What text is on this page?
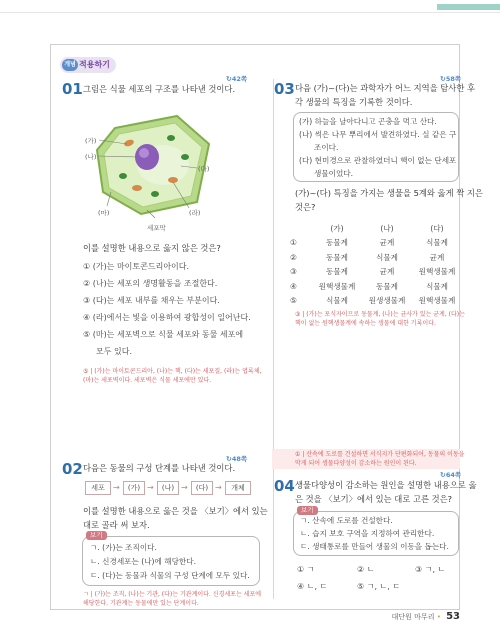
개념 적용하기
01
↻42쪽
그림은 식물 세포의 구조를 나타낸 것이다.
(가)
(나)
(다)
(라)
(마)
세포막
이를 설명한 내용으로 옳지 않은 것은?
① (가)는 마이토콘드리아이다.
② (나)는 세포의 생명활동을 조절한다.
③ (다)는 세포 내부를 채우는 부분이다.
④ (라)에서는 빛을 이용하여 광합성이 일어난다.
⑤ (마)는 세포벽으로 식물 세포와 동물 세포에
모두 있다.
⑤ | (가)는 마이토콘드리아, (나)는 핵, (다)는 세포질, (라)는 엽록체,
(마)는 세포벽이다. 세포벽은 식물 세포에만 있다.
↻48쪽
02 다음은 동물의 구성 단계를 나타낸 것이다.
세포	→	(가) →	(나) →	(다) →	개체
이를 설명한 내용으로 옳은 것을 〈보기〉에서 있는
대로 골라 써 보자.
보기
ㄱ. (가)는 조직이다.
ㄴ. 신경세포는 (나)에 해당한다.
ㄷ. (다)는 동물과 식물의 구성 단계에 모두 있다.
ㄱ | (가)는 조직, (나)는 기관, (다)는 기관계이다. 신경세포는 세포에
해당한다. 기관계는 동물에만 있는 단계이다.
↻58쪽
03 다음 (가)~(다)는 과학자가 어느 지역을 탐사한 후
각 생물의 특징을 기록한 것이다.
(가) 하늘을 날아다니고 곤충을 먹고 산다.
(나) 썩은 나무 뿌리에서 발견하였다. 실 같은 구
조이다.
(다) 현미경으로 관찰하였더니 핵이 없는 단세포
생물이었다.
(가)~(다) 특징을 가지는 생물을 5계와 옳게 짝 지은
것은?
	(가)	(나)	(다)
①	동물계	균계	식물계
②	동물계	식물계	균계
③	동물계	균계	원핵생물계
④	원핵생물계	동물계	식물계
⑤	식물계	원생생물계	원핵생물계
③ | (가)는 포식자이므로 동물계, (나)는 균사가 있는 균계, (다)는
핵이 없는 원핵생물계에 속하는 생물에 대한 기록이다.
① | 산속에 도로를 건설하면 서식지가 단편화되어, 동물의 이동을
막게 되어 생물다양성이 감소하는 원인이 된다.
↻64쪽
04 생물다양성이 감소하는 원인을 설명한 내용으로 옳
은 것을 〈보기〉에서 있는 대로 고른 것은?
보기
ㄱ. 산속에 도로를 건설한다.
ㄴ. 습지 보호 구역을 지정하여 관리한다.
ㄷ. 생태통로를 만들어 생물의 이동을 돕는다.
① ㄱ	② ㄴ	③ ㄱ, ㄴ
④ ㄴ, ㄷ	⑤ ㄱ, ㄴ, ㄷ
대단원 마무리 • 53
